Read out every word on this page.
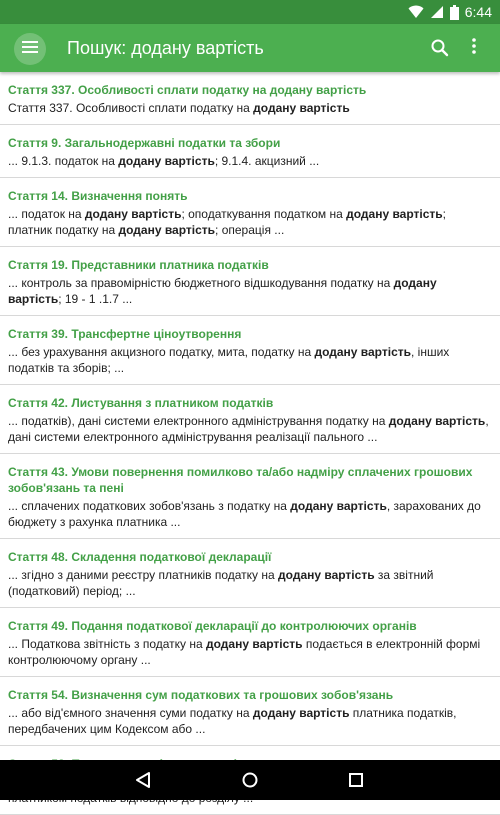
6:44
Пошук: додану вартість
Стаття 337. Особливості сплати податку на додану вартість
Стаття 337. Особливості сплати податку на додану вартість
Стаття 9. Загальнодержавні податки та збори
... 9.1.3. податок на додану вартість; 9.1.4. акцизний ...
Стаття 14. Визначення понять
... податок на додану вартість; оподаткування податком на додану вартість; платник податку на додану вартість; операція ...
Стаття 19. Представники платника податків
... контроль за правомірністю бюджетного відшкодування податку на додану вартість; 19 - 1 .1.7 ...
Стаття 39. Трансфертне ціноутворення
... без урахування акцизного податку, мита, податку на додану вартість, інших податків та зборів; ...
Стаття 42. Листування з платником податків
... податків), дані системи електронного адміністрування податку на додану вартість, дані системи електронного адміністрування реалізації пального ...
Стаття 43. Умови повернення помилково та/або надміру сплачених грошових зобов'язань та пені
... сплачених податкових зобов'язань з податку на додану вартість, зарахованих до бюджету з рахунка платника ...
Стаття 48. Складення податкової декларації
... згідно з даними реєстру платників податку на додану вартість за звітний (податковий) період; ...
Стаття 49. Подання податкової декларації до контролюючих органів
... Податкова звітність з податку на додану вартість подається в електронній формі контролюючому органу ...
Стаття 54. Визначення сум податкових та грошових зобов'язань
... або від'ємного значення суми податку на додану вартість платника податків, передбачених цим Кодексом або ...
